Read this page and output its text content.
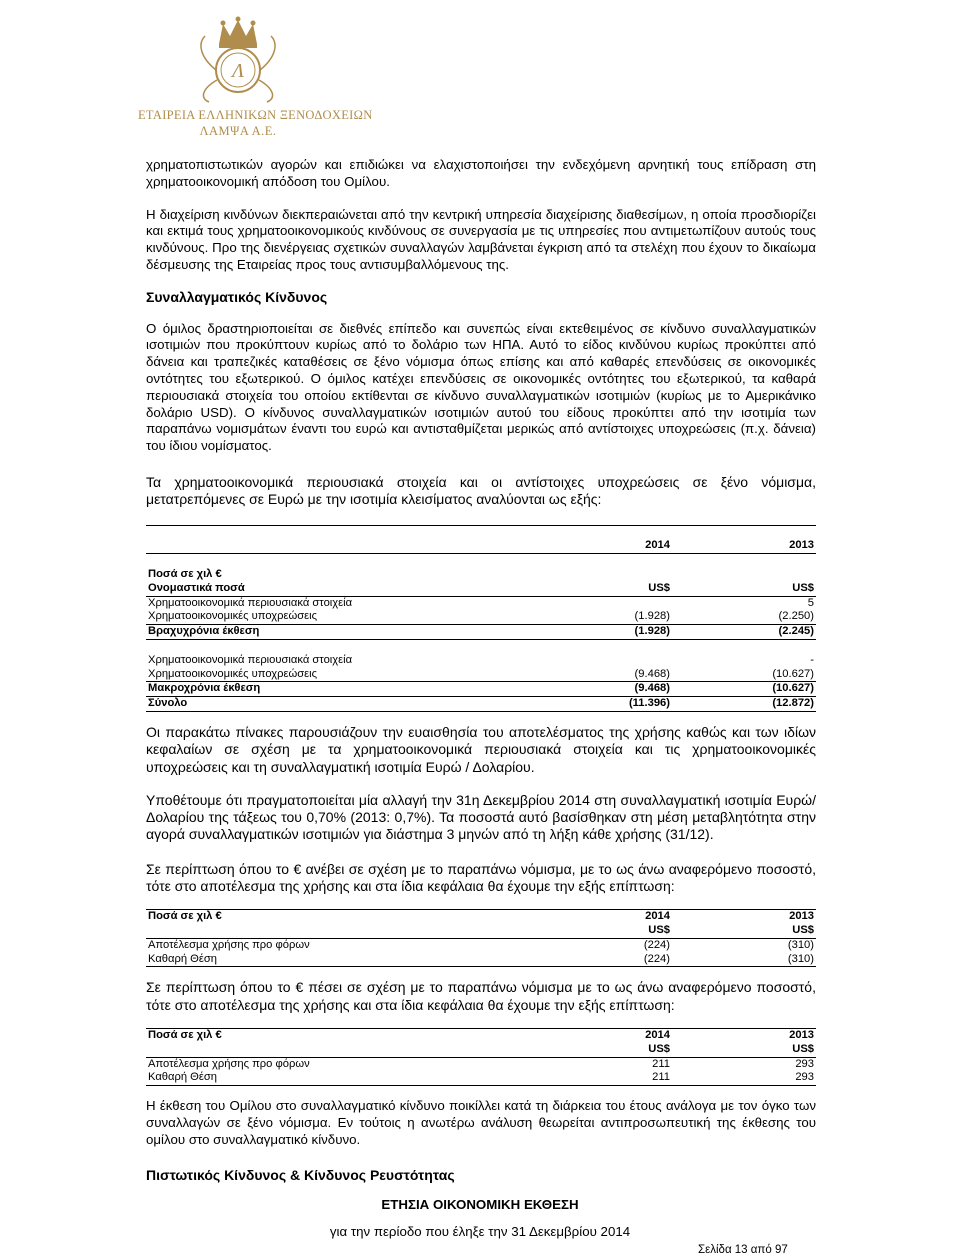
Λ
ΕΤΑΙΡΕΙΑ ΕΛΛΗΝΙΚΩΝ ΞΕΝΟΔΟΧΕΙΩΝ
ΛΑΜΨΑ Α.Ε.

χρηματοπιστωτικών αγορών και επιδιώκει να ελαχιστοποιήσει την ενδεχόμενη αρνητική τους επίδραση στη χρηματοοικονομική απόδοση του Ομίλου.

Η διαχείριση κινδύνων διεκπεραιώνεται από την κεντρική υπηρεσία διαχείρισης διαθεσίμων, η οποία προσδιορίζει και εκτιμά τους χρηματοοικονομικούς κινδύνους σε συνεργασία με τις υπηρεσίες που αντιμετωπίζουν αυτούς τους κινδύνους. Προ της διενέργειας σχετικών συναλλαγών λαμβάνεται έγκριση από τα στελέχη που έχουν το δικαίωμα δέσμευσης της Εταιρείας προς τους αντισυμβαλλόμενους της.

Συναλλαγματικός Κίνδυνος

Ο όμιλος δραστηριοποιείται σε διεθνές επίπεδο και συνεπώς είναι εκτεθειμένος σε κίνδυνο συναλλαγματικών ισοτιμιών που προκύπτουν κυρίως από το δολάριο των ΗΠΑ. Αυτό το είδος κινδύνου κυρίως προκύπτει από δάνεια και τραπεζικές καταθέσεις σε ξένο νόμισμα όπως επίσης και από καθαρές επενδύσεις σε οικονομικές οντότητες του εξωτερικού. Ο όμιλος κατέχει επενδύσεις σε οικονομικές οντότητες του εξωτερικού, τα καθαρά περιουσιακά στοιχεία του οποίου εκτίθενται σε κίνδυνο συναλλαγματικών ισοτιμιών (κυρίως με το Αμερικάνικο δολάριο USD). Ο κίνδυνος συναλλαγματικών ισοτιμιών αυτού του είδους προκύπτει από την ισοτιμία των παραπάνω νομισμάτων έναντι του ευρώ και αντισταθμίζεται μερικώς από αντίστοιχες υποχρεώσεις (π.χ. δάνεια) του ίδιου νομίσματος.

Τα χρηματοοικονομικά περιουσιακά στοιχεία και οι αντίστοιχες υποχρεώσεις σε ξένο νόμισμα, μετατρεπόμενες σε Ευρώ με την ισοτιμία κλεισίματος αναλύονται ως εξής:

	2014	2013

Ποσά σε χιλ €		
Ονομαστικά ποσά	US$	US$
Χρηματοοικονομικά περιουσιακά στοιχεία		5
Χρηματοοικονομικές υποχρεώσεις	(1.928)	(2.250)
Βραχυχρόνια έκθεση	(1.928)	(2.245)

Χρηματοοικονομικά περιουσιακά στοιχεία		-
Χρηματοοικονομικές υποχρεώσεις	(9.468)	(10.627)
Μακροχρόνια έκθεση	(9.468)	(10.627)
Σύνολο	(11.396)	(12.872)

Οι παρακάτω πίνακες παρουσιάζουν την ευαισθησία του αποτελέσματος της χρήσης καθώς και των ιδίων κεφαλαίων σε σχέση με τα χρηματοοικονομικά περιουσιακά στοιχεία και τις χρηματοοικονομικές υποχρεώσεις και τη συναλλαγματική ισοτιμία Ευρώ / Δολαρίου.

Υποθέτουμε ότι πραγματοποιείται μία αλλαγή την 31η Δεκεμβρίου 2014 στη συναλλαγματική ισοτιμία Ευρώ/Δολαρίου της τάξεως του 0,70% (2013: 0,7%). Τα ποσοστά αυτό βασίσθηκαν στη μέση μεταβλητότητα στην αγορά συναλλαγματικών ισοτιμιών για διάστημα 3 μηνών από τη λήξη κάθε χρήσης (31/12).

Σε περίπτωση όπου το € ανέβει σε σχέση με το παραπάνω νόμισμα, με το ως άνω αναφερόμενο ποσοστό, τότε στο αποτέλεσμα της χρήσης και στα ίδια κεφάλαια θα έχουμε την εξής επίπτωση:

Ποσά σε χιλ €	2014	2013
	US$	US$
Αποτέλεσμα χρήσης προ φόρων	(224)	(310)
Καθαρή Θέση	(224)	(310)

Σε περίπτωση όπου το € πέσει σε σχέση με το παραπάνω νόμισμα με το ως άνω αναφερόμενο ποσοστό, τότε στο αποτέλεσμα της χρήσης και στα ίδια κεφάλαια θα έχουμε την εξής επίπτωση:

Ποσά σε χιλ €	2014	2013
	US$	US$
Αποτέλεσμα χρήσης προ φόρων	211	293
Καθαρή Θέση	211	293

Η έκθεση του Ομίλου στο συναλλαγματικό κίνδυνο ποικίλλει κατά τη διάρκεια του έτους ανάλογα με τον όγκο των συναλλαγών σε ξένο νόμισμα. Εν τούτοις η ανωτέρω ανάλυση θεωρείται αντιπροσωπευτική της έκθεσης του ομίλου στο συναλλαγματικό κίνδυνο.

Πιστωτικός Κίνδυνος & Κίνδυνος Ρευστότητας

ΕΤΗΣΙΑ ΟΙΚΟΝΟΜΙΚΗ ΕΚΘΕΣΗ
για την περίοδο που έληξε την 31 Δεκεμβρίου 2014
Σελίδα 13 από 97
